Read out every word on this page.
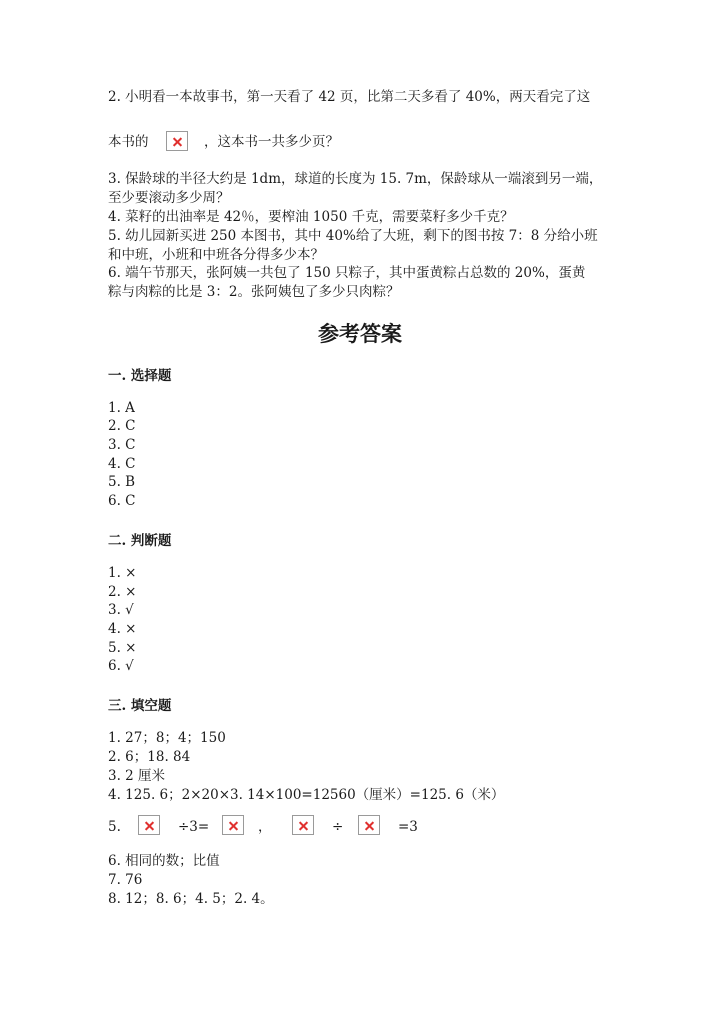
2. 小明看一本故事书，第一天看了 42 页，比第二天多看了 40%，两天看完了这
本书的	，这本书一共多少页？
3. 保龄球的半径大约是 1dm，球道的长度为 15. 7m，保龄球从一端滚到另一端，
至少要滚动多少周？
4. 菜籽的出油率是 42％，要榨油 1050 千克，需要菜籽多少千克？
5. 幼儿园新买进 250 本图书，其中 40%给了大班，剩下的图书按 7：8 分给小班
和中班，小班和中班各分得多少本？
6. 端午节那天，张阿姨一共包了 150 只粽子，其中蛋黄粽占总数的 20%，蛋黄
粽与肉粽的比是 3：2。张阿姨包了多少只肉粽？
参考答案
一. 选择题
1. A
2. C
3. C
4. C
5. B
6. C
二. 判断题
1. ×
2. ×
3. √
4. ×
5. ×
6. √
三. 填空题
1. 27；8；4；150
2. 6；18. 84
3. 2 厘米
4. 125. 6；2×20×3. 14×100=12560（厘米）=125. 6（米）
5.	÷3=	，	÷	=3
6. 相同的数；比值
7. 76
8. 12；8. 6；4. 5；2. 4。
